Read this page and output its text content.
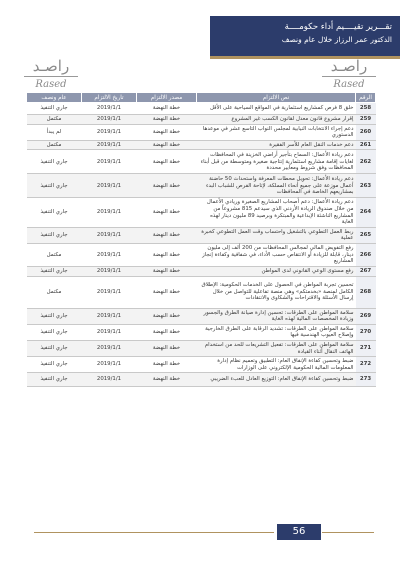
تقـــرير تقيــــيم أداء حكومــــة
الدكتور عمر الرزاز خلال عام ونصف
راصـد
Rased
راصـد
Rased
الرقم	نص الالتزام	مصدر الالتزام	تاريخ الالتزام	عام ونصف
258	خلق 8 فرص كمشاريع استثمارية في المواقع السياحية على الأقل	خطة النهضة	2019/1/1	جاري التنفيذ
259	إقرار مشروع قانون معدل لقانون الكسب غير المشروع	خطة النهضة	2019/1/1	مكتمل
260	دعم إجراء الانتخابات النيابية لمجلس النواب التاسع عشر في موعدها الدستوري	خطة النهضة	2019/1/1	لم يبدأ
261	دعم خدمات النقل العام للأسر الفقيرة	خطة النهضة	2019/1/1	مكتمل
262	دعم ريادة الأعمال: السماح بتأجير أراضي الخزينة في المحافظات لغايات إقامة مشاريع استثمارية إنتاجية صغيرة ومتوسطة من قبل أبناء المحافظات وفق شروط ومعايير محددة	خطة النهضة	2019/1/1	جاري التنفيذ
263	دعم ريادة الأعمال: تحويل محطات المعرفة واستحداث 50 حاضنة أعمال موزعة على جميع أنحاء المملكة، لإتاحة الفرص للشباب البدء بمشاريعهم الخاصة في المحافظات	خطة النهضة	2019/1/1	جاري التنفيذ
264	دعم ريادة الأعمال: دعم أصحاب المشاريع الصغيرة وريادي الأعمال من خلال صندوق الريادة الأردني الذي سيدعم 815 مشروعاً من المشاريع الناشئة الإبداعية والمبتكرة وبرصيد 89 مليون دينار لهذه الغاية	خطة النهضة	2019/1/1	جاري التنفيذ
265	ربط العمل التطوعي بالتشغيل واحتساب وقت العمل التطوعي كخبرة عملية	خطة النهضة	2019/1/1	جاري التنفيذ
266	رفع التفويض المالي لمجالس المحافظات من 200 ألف إلى مليون دينار، قابلة للزيادة أو الانتقاص حسب الأداء، في شفافية وكفاءة إنجاز المشاريع	خطة النهضة	2019/1/1	مكتمل
267	رفع مستوى الوعي القانوني لدى المواطن	خطة النهضة	2019/1/1	جاري التنفيذ
268	تحسين تجربة المواطن في الحصول على الخدمات الحكومية: الإطلاق الكامل لمنصة «بخدمتكم» وهي منصة تفاعلية للتواصل من خلال إرسال الأسئلة والاقتراحات والشكاوى والانتقادات	خطة النهضة	2019/1/1	مكتمل
269	سلامة المواطن على الطرقات: تحسين إدارة صيانة الطرق والجسور وزيادة المخصصات المالية لهذه الغاية	خطة النهضة	2019/1/1	جاري التنفيذ
270	سلامة المواطن على الطرقات: تشديد الرقابة على الطرق الخارجية وإصلاح العيوب الهندسية فيها	خطة النهضة	2019/1/1	جاري التنفيذ
271	سلامة المواطن على الطرقات: تفعيل التشريعات للحد من استخدام الهاتف النقال أثناء القيادة	خطة النهضة	2019/1/1	جاري التنفيذ
272	ضبط وتحسين كفاءة الإنفاق العام: التطبيق وتعميم نظام إدارة المعلومات المالية الحكومية الإلكتروني على الوزارات	خطة النهضة	2019/1/1	جاري التنفيذ
273	ضبط وتحسين كفاءة الإنفاق العام: التوزيع العادل للعبء الضريبي	خطة النهضة	2019/1/1	جاري التنفيذ
56
